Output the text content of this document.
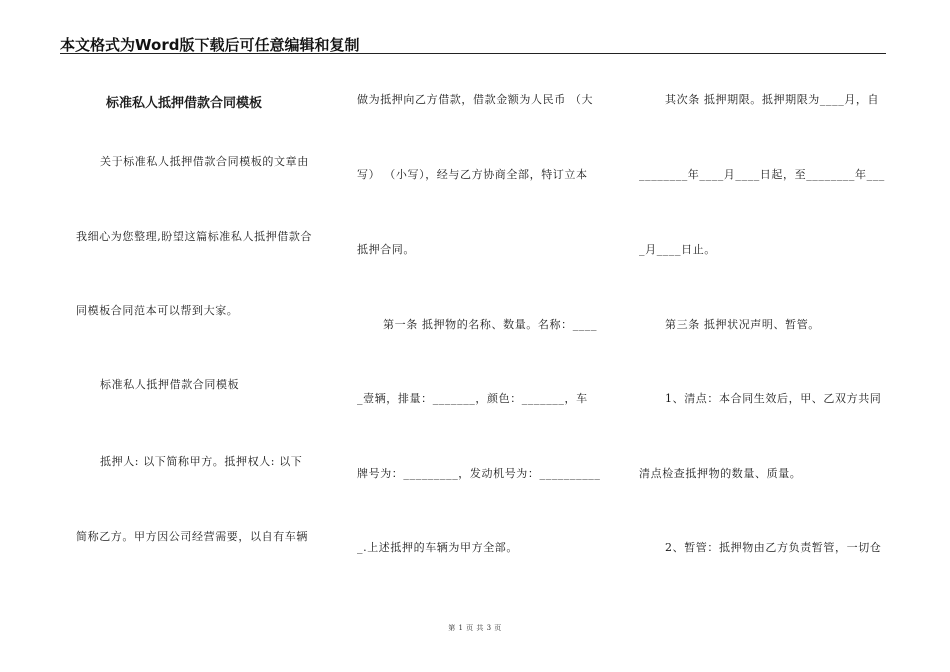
本文格式为Word版下载后可任意编辑和复制
标准私人抵押借款合同模板
关于标准私人抵押借款合同模板的文章由
我细心为您整理,盼望这篇标准私人抵押借款合
同模板合同范本可以帮到大家。
标准私人抵押借款合同模板
抵押人: 以下简称甲方。抵押权人: 以下
简称乙方。甲方因公司经营需要，以自有车辆
做为抵押向乙方借款，借款金额为人民币 （大
写） （小写），经与乙方协商全部，特订立本
抵押合同。
第一条 抵押物的名称、数量。名称：____
_壹辆，排量：_______，颜色：_______，车
牌号为：_________，发动机号为：__________
_.上述抵押的车辆为甲方全部。
其次条 抵押期限。抵押期限为____月，自
________年____月____日起，至________年___
_月____日止。
第三条 抵押状况声明、暂管。
1、清点：本合同生效后，甲、乙双方共同
清点检查抵押物的数量、质量。
2、暂管：抵押物由乙方负责暂管，一切仓
第 1 页 共 3 页
